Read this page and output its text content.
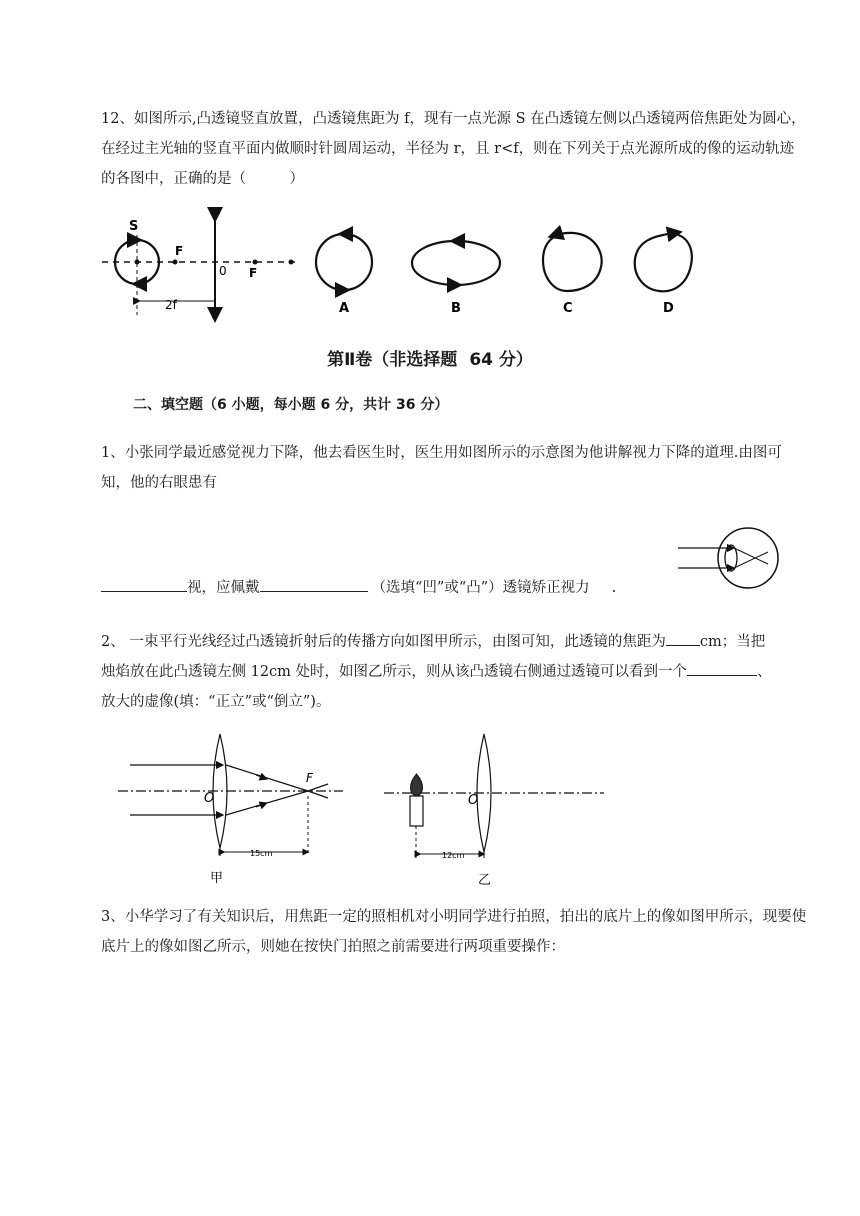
12、如图所示,凸透镜竖直放置，凸透镜焦距为 f，现有一点光源 S 在凸透镜左侧以凸透镜两倍焦距处为圆心，在经过主光轴的竖直平面内做顺时针圆周运动，半径为 r，且 r<f，则在下列关于点光源所成的像的运动轨迹的各图中，正确的是（　　　）
S
F
0 F
2f	A	B	C	D
第Ⅱ卷（非选择题 64 分）
二、填空题（6 小题，每小题 6 分，共计 36 分）
1、小张同学最近感觉视力下降，他去看医生时，医生用如图所示的示意图为他讲解视力下降的道理.由图可知，他的右眼患有
视，应佩戴	（选填“凹”或“凸”）透镜矫正视力 .
2、 一束平行光线经过凸透镜折射后的传播方向如图甲所示，由图可知，此透镜的焦距为 cm；当把
烛焰放在此凸透镜左侧 12cm 处时，如图乙所示，则从该凸透镜右侧通过透镜可以看到一个	、
放大的虚像(填：“正立”或“倒立”)。
O
F
15cm
甲
O
12cm
乙
3、小华学习了有关知识后，用焦距一定的照相机对小明同学进行拍照，拍出的底片上的像如图甲所示，现要使底片上的像如图乙所示，则她在按快门拍照之前需要进行两项重要操作：
